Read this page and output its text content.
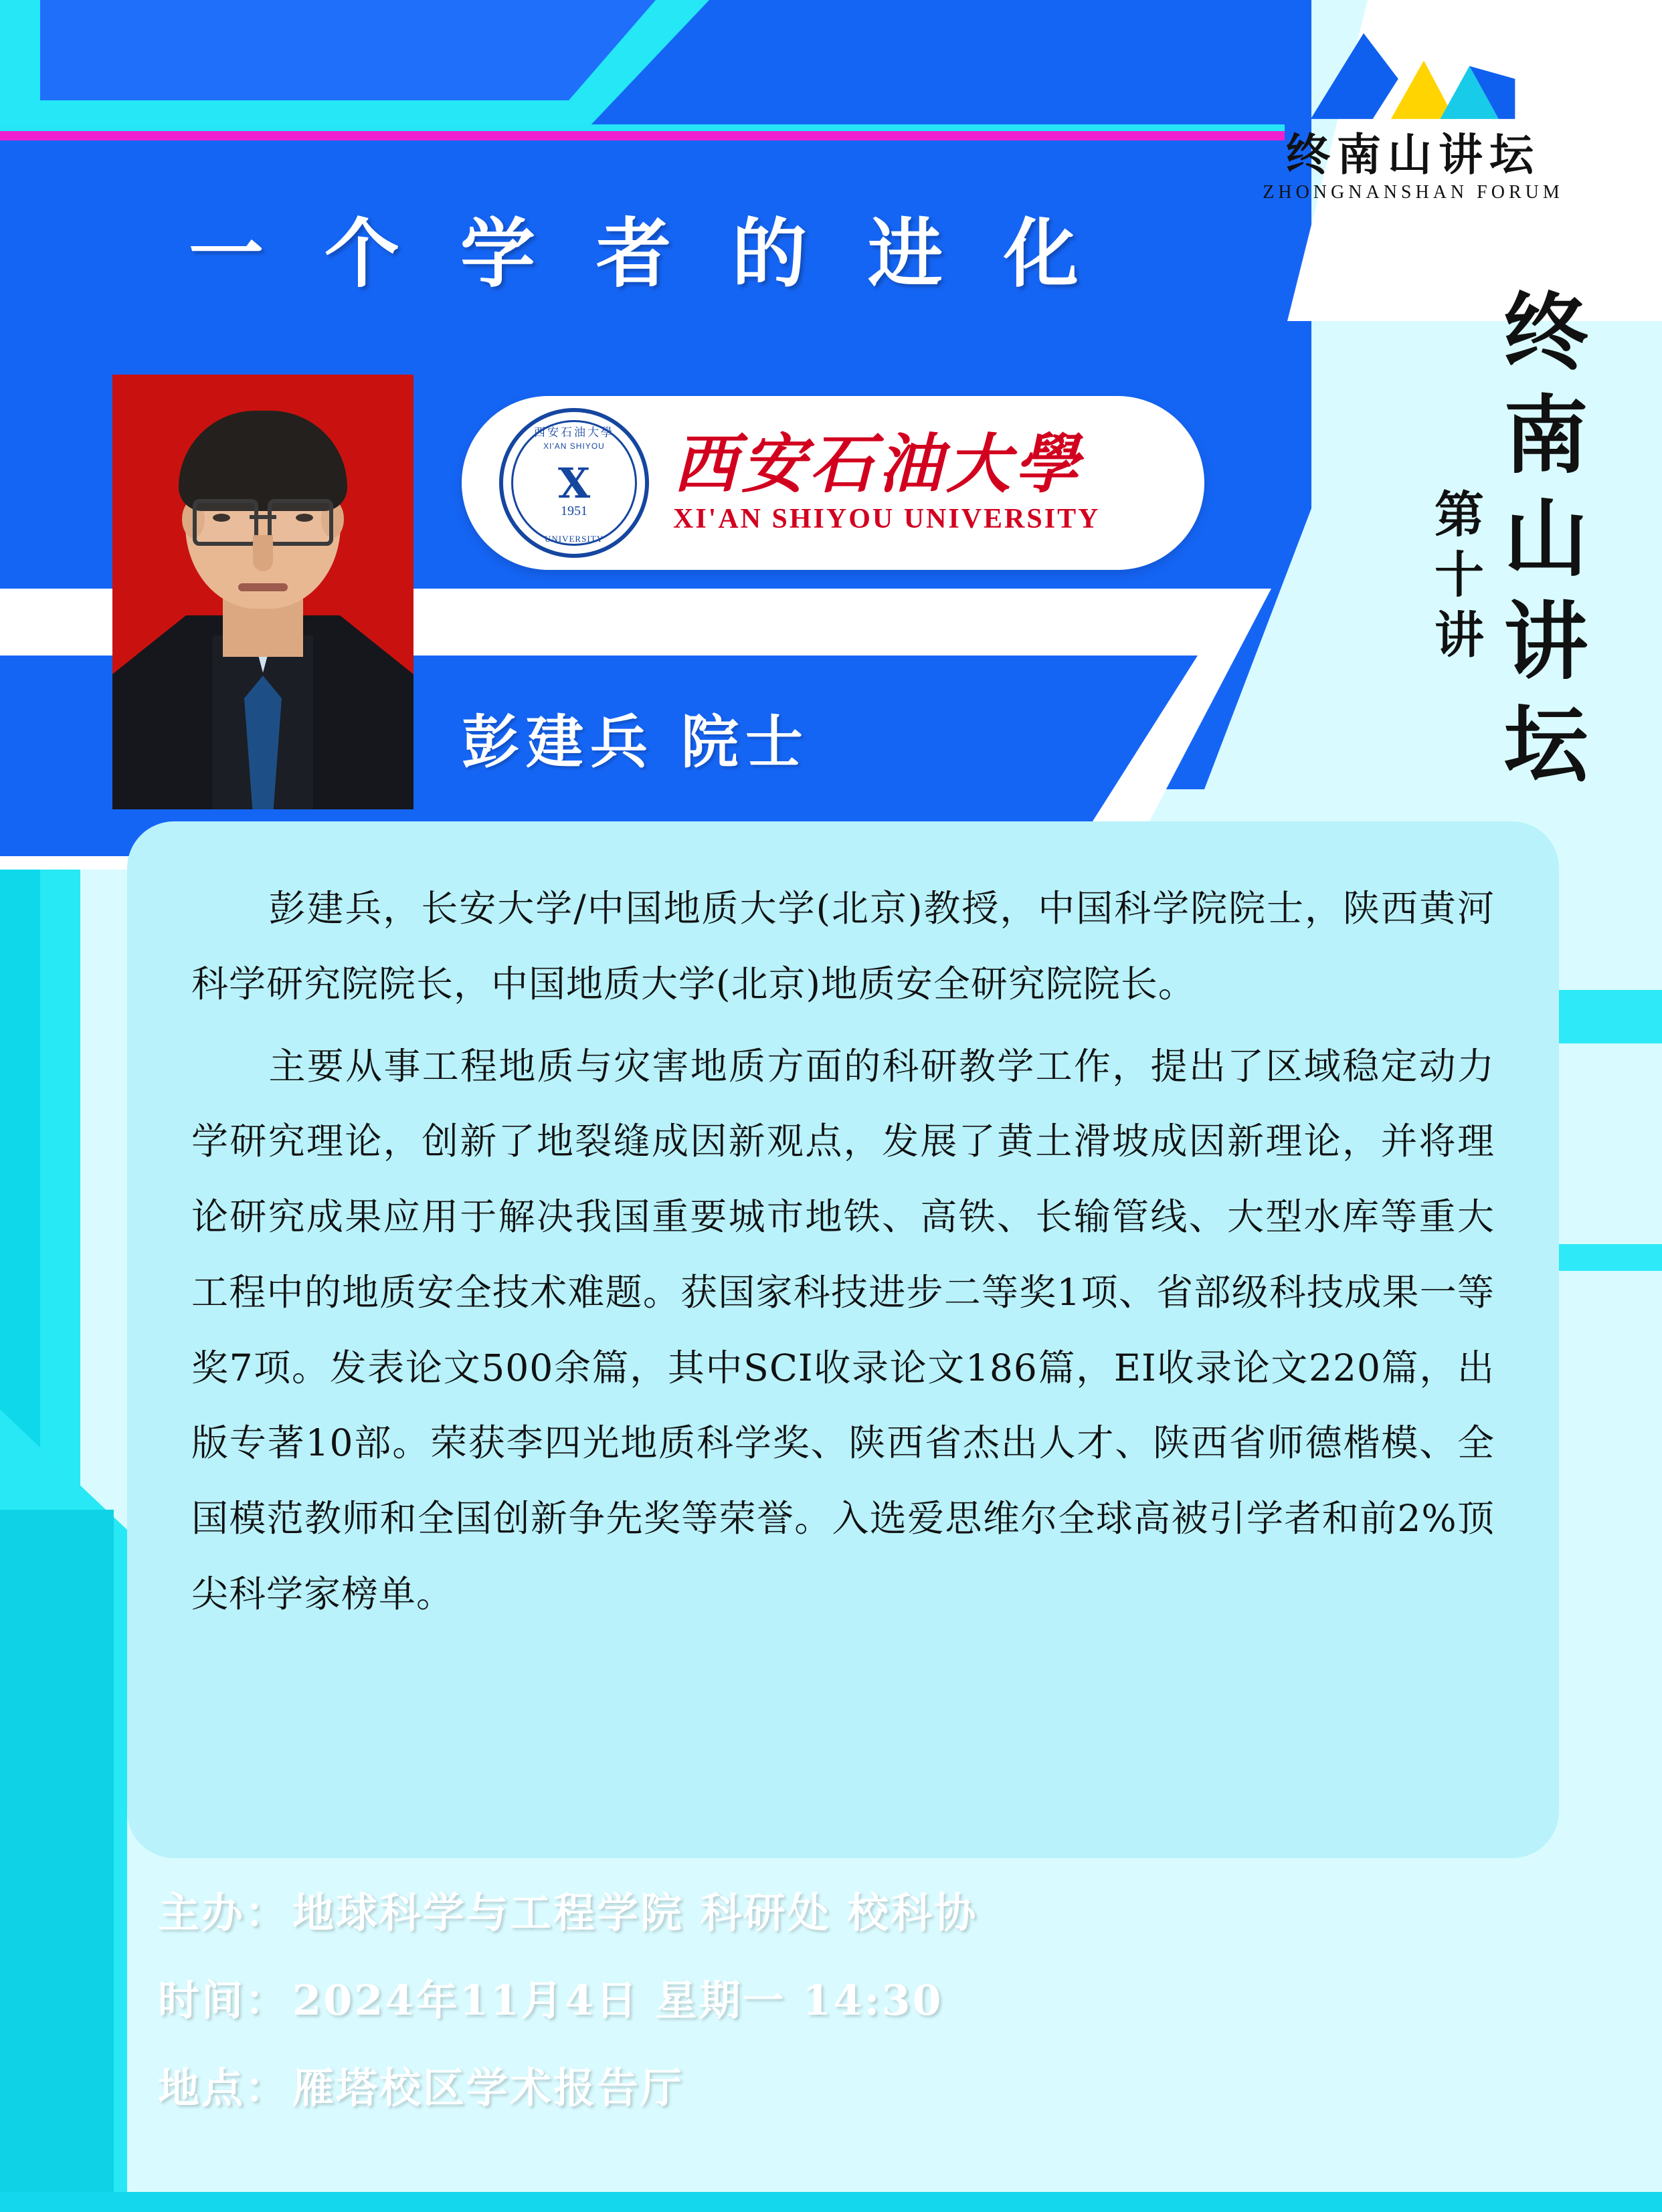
终南山讲坛
ZHONGNANSHAN FORUM
一 个 学 者 的 进 化
西安石油大學
XI'AN SHIYOU
X
1951
UNIVERSITY
西安石油大學
XI'AN SHIYOU UNIVERSITY
彭建兵 院士	终南山讲坛
第十讲

彭建兵，长安大学/中国地质大学(北京)教授，中国科学院院士，陕西黄河科学研究院院长，中国地质大学(北京)地质安全研究院院长。

主要从事工程地质与灾害地质方面的科研教学工作，提出了区域稳定动力学研究理论，创新了地裂缝成因新观点，发展了黄土滑坡成因新理论，并将理论研究成果应用于解决我国重要城市地铁、高铁、长输管线、大型水库等重大工程中的地质安全技术难题。获国家科技进步二等奖1项、省部级科技成果一等奖7项。发表论文500余篇，其中SCI收录论文186篇，EI收录论文220篇，出版专著10部。荣获李四光地质科学奖、陕西省杰出人才、陕西省师德楷模、全国模范教师和全国创新争先奖等荣誉。入选爱思维尔全球高被引学者和前2%顶尖科学家榜单。

主办：地球科学与工程学院 科研处 校科协
时间：2024年11月4日 星期一 14:30
地点：雁塔校区学术报告厅
